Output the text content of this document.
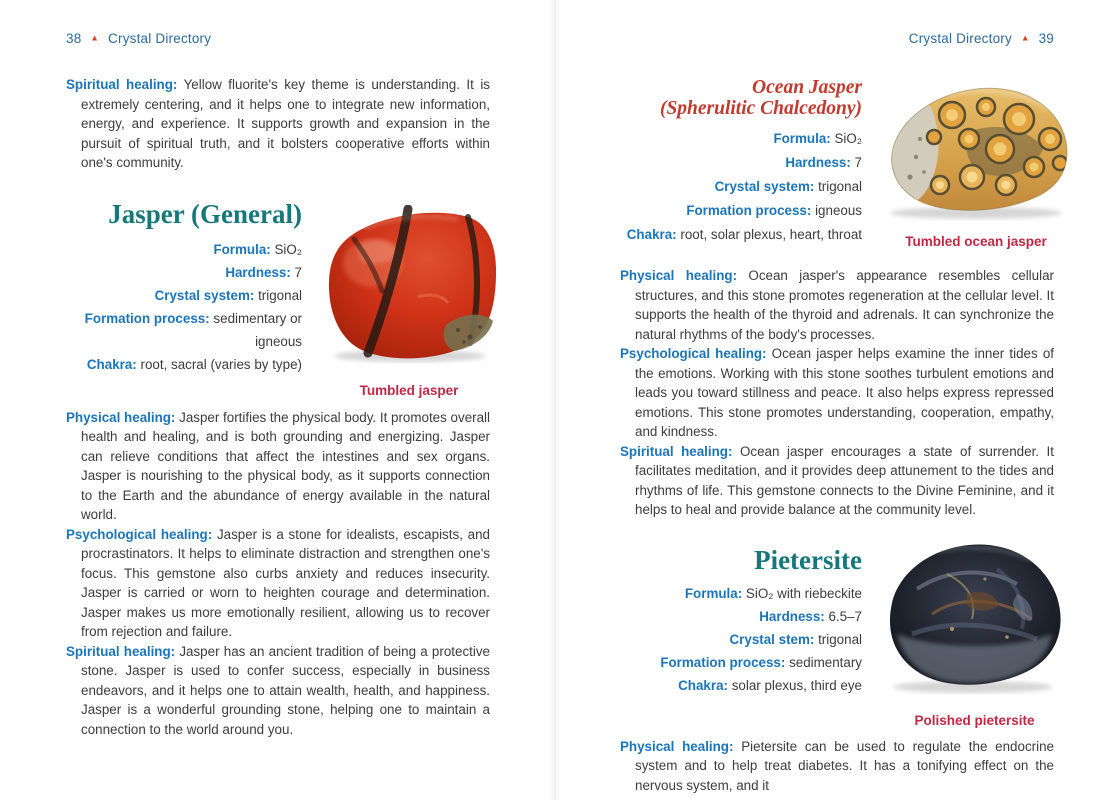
38 ▲ Crystal Directory

Spiritual healing: Yellow fluorite's key theme is understanding. It is extremely centering, and it helps one to integrate new information, energy, and experience. It supports growth and expansion in the pursuit of spiritual truth, and it bolsters cooperative efforts within one's community.

Jasper (General)
Formula: SiO₂
Hardness: 7
Crystal system: trigonal
Formation process: sedimentary or igneous
Chakra: root, sacral (varies by type)
Tumbled jasper

Physical healing: Jasper fortifies the physical body. It promotes overall health and healing, and is both grounding and energizing. Jasper can relieve conditions that affect the intestines and sex organs. Jasper is nourishing to the physical body, as it supports connection to the Earth and the abundance of energy available in the natural world.

Psychological healing: Jasper is a stone for idealists, escapists, and procrastinators. It helps to eliminate distraction and strengthen one's focus. This gemstone also curbs anxiety and reduces insecurity. Jasper is carried or worn to heighten courage and determination. Jasper makes us more emotionally resilient, allowing us to recover from rejection and failure.

Spiritual healing: Jasper has an ancient tradition of being a protective stone. Jasper is used to confer success, especially in business endeavors, and it helps one to attain wealth, health, and happiness. Jasper is a wonderful grounding stone, helping one to maintain a connection to the world around you.

Crystal Directory ▲ 39
Ocean Jasper
(Spherulitic Chalcedony)
Formula: SiO₂
Hardness: 7
Crystal system: trigonal
Formation process: igneous
Chakra: root, solar plexus, heart, throat	Tumbled ocean jasper

Physical healing: Ocean jasper's appearance resembles cellular structures, and this stone promotes regeneration at the cellular level. It supports the health of the thyroid and adrenals. It can synchronize the natural rhythms of the body's processes.

Psychological healing: Ocean jasper helps examine the inner tides of the emotions. Working with this stone soothes turbulent emotions and leads you toward stillness and peace. It also helps express repressed emotions. This stone promotes understanding, cooperation, empathy, and kindness.

Spiritual healing: Ocean jasper encourages a state of surrender. It facilitates meditation, and it provides deep attunement to the tides and rhythms of life. This gemstone connects to the Divine Feminine, and it helps to heal and provide balance at the community level.

Pietersite
Formula: SiO₂ with riebeckite
Hardness: 6.5–7
Crystal stem: trigonal
Formation process: sedimentary
Chakra: solar plexus, third eye
Polished pietersite

Physical healing: Pietersite can be used to regulate the endocrine system and to help treat diabetes. It has a tonifying effect on the nervous system, and it
